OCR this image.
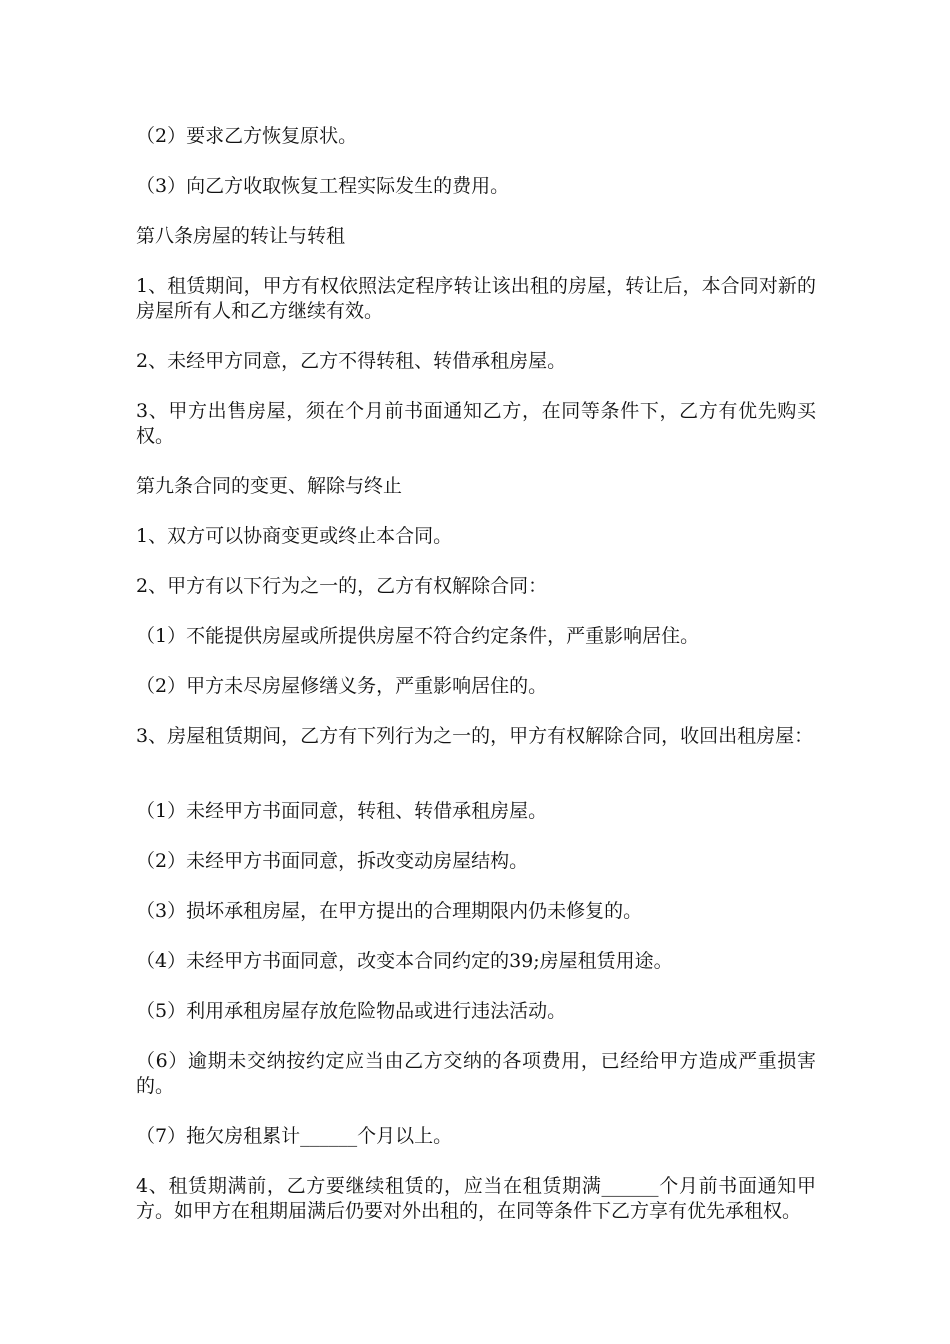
（2）要求乙方恢复原状。

（3）向乙方收取恢复工程实际发生的费用。

第八条房屋的转让与转租

1、租赁期间，甲方有权依照法定程序转让该出租的房屋，转让后，本合同对新的房屋所有人和乙方继续有效。

2、未经甲方同意，乙方不得转租、转借承租房屋。

3、甲方出售房屋，须在个月前书面通知乙方，在同等条件下，乙方有优先购买权。

第九条合同的变更、解除与终止

1、双方可以协商变更或终止本合同。

2、甲方有以下行为之一的，乙方有权解除合同：

（1）不能提供房屋或所提供房屋不符合约定条件，严重影响居住。

（2）甲方未尽房屋修缮义务，严重影响居住的。

3、房屋租赁期间，乙方有下列行为之一的，甲方有权解除合同，收回出租房屋：

（1）未经甲方书面同意，转租、转借承租房屋。

（2）未经甲方书面同意，拆改变动房屋结构。

（3）损坏承租房屋，在甲方提出的合理期限内仍未修复的。

（4）未经甲方书面同意，改变本合同约定的39;房屋租赁用途。

（5）利用承租房屋存放危险物品或进行违法活动。

（6）逾期未交纳按约定应当由乙方交纳的各项费用，已经给甲方造成严重损害的。

（7）拖欠房租累计______个月以上。

4、租赁期满前，乙方要继续租赁的，应当在租赁期满______个月前书面通知甲方。如甲方在租期届满后仍要对外出租的，在同等条件下乙方享有优先承租权。
